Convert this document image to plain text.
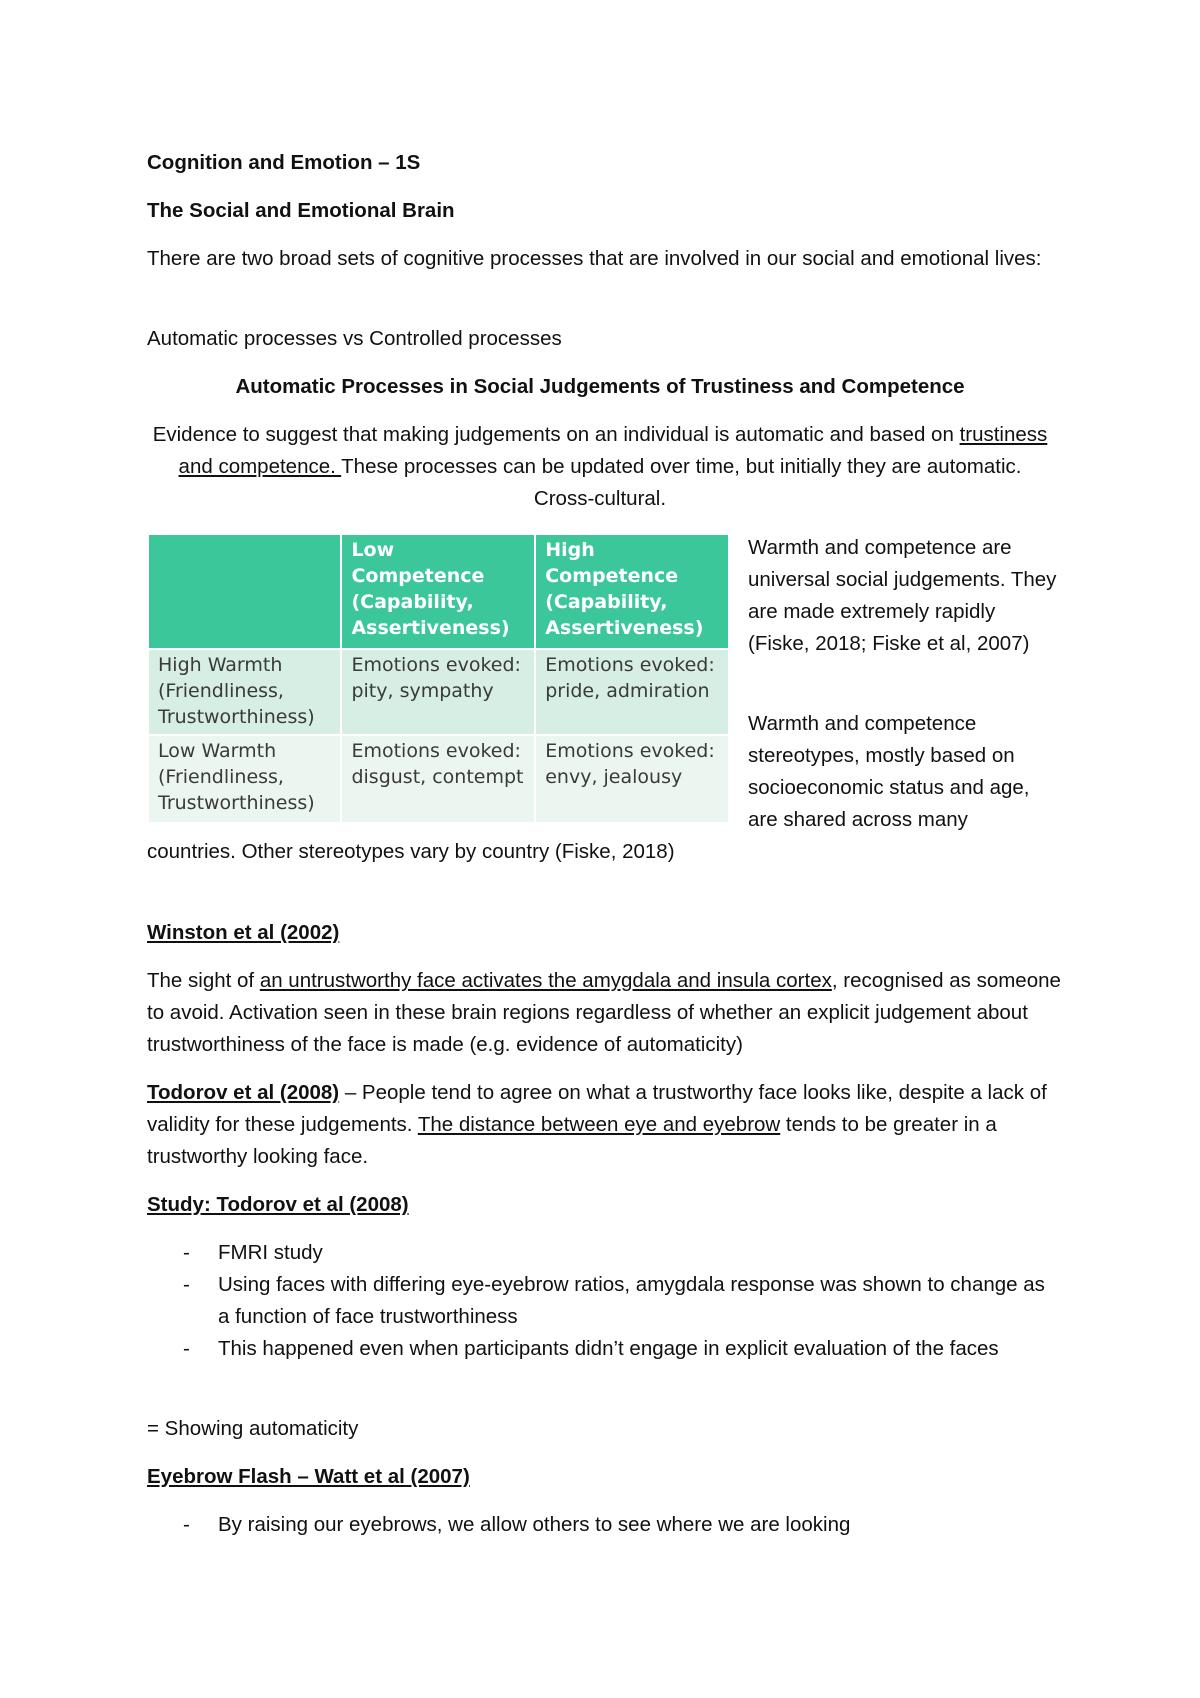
Cognition and Emotion – 1S

The Social and Emotional Brain

There are two broad sets of cognitive processes that are involved in our social and emotional lives:

Automatic processes vs Controlled processes

Automatic Processes in Social Judgements of Trustiness and Competence

Evidence to suggest that making judgements on an individual is automatic and based on trustiness and competence. These processes can be updated over time, but initially they are automatic. Cross-cultural.

	Low Competence (Capability, Assertiveness)	High Competence (Capability, Assertiveness)
High Warmth (Friendliness, Trustworthiness)	Emotions evoked: pity, sympathy	Emotions evoked: pride, admiration
Low Warmth (Friendliness, Trustworthiness)	Emotions evoked: disgust, contempt	Emotions evoked: envy, jealousy

Warmth and competence are universal social judgements. They are made extremely rapidly (Fiske, 2018; Fiske et al, 2007)

Warmth and competence stereotypes, mostly based on socioeconomic status and age, are shared across many

countries. Other stereotypes vary by country (Fiske, 2018)

Winston et al (2002)

The sight of an untrustworthy face activates the amygdala and insula cortex, recognised as someone to avoid. Activation seen in these brain regions regardless of whether an explicit judgement about trustworthiness of the face is made (e.g. evidence of automaticity)

Todorov et al (2008) – People tend to agree on what a trustworthy face looks like, despite a lack of validity for these judgements. The distance between eye and eyebrow tends to be greater in a trustworthy looking face.

Study: Todorov et al (2008)

- FMRI study

- Using faces with differing eye-eyebrow ratios, amygdala response was shown to change as a function of face trustworthiness

- This happened even when participants didn’t engage in explicit evaluation of the faces

= Showing automaticity

Eyebrow Flash – Watt et al (2007)

- By raising our eyebrows, we allow others to see where we are looking
